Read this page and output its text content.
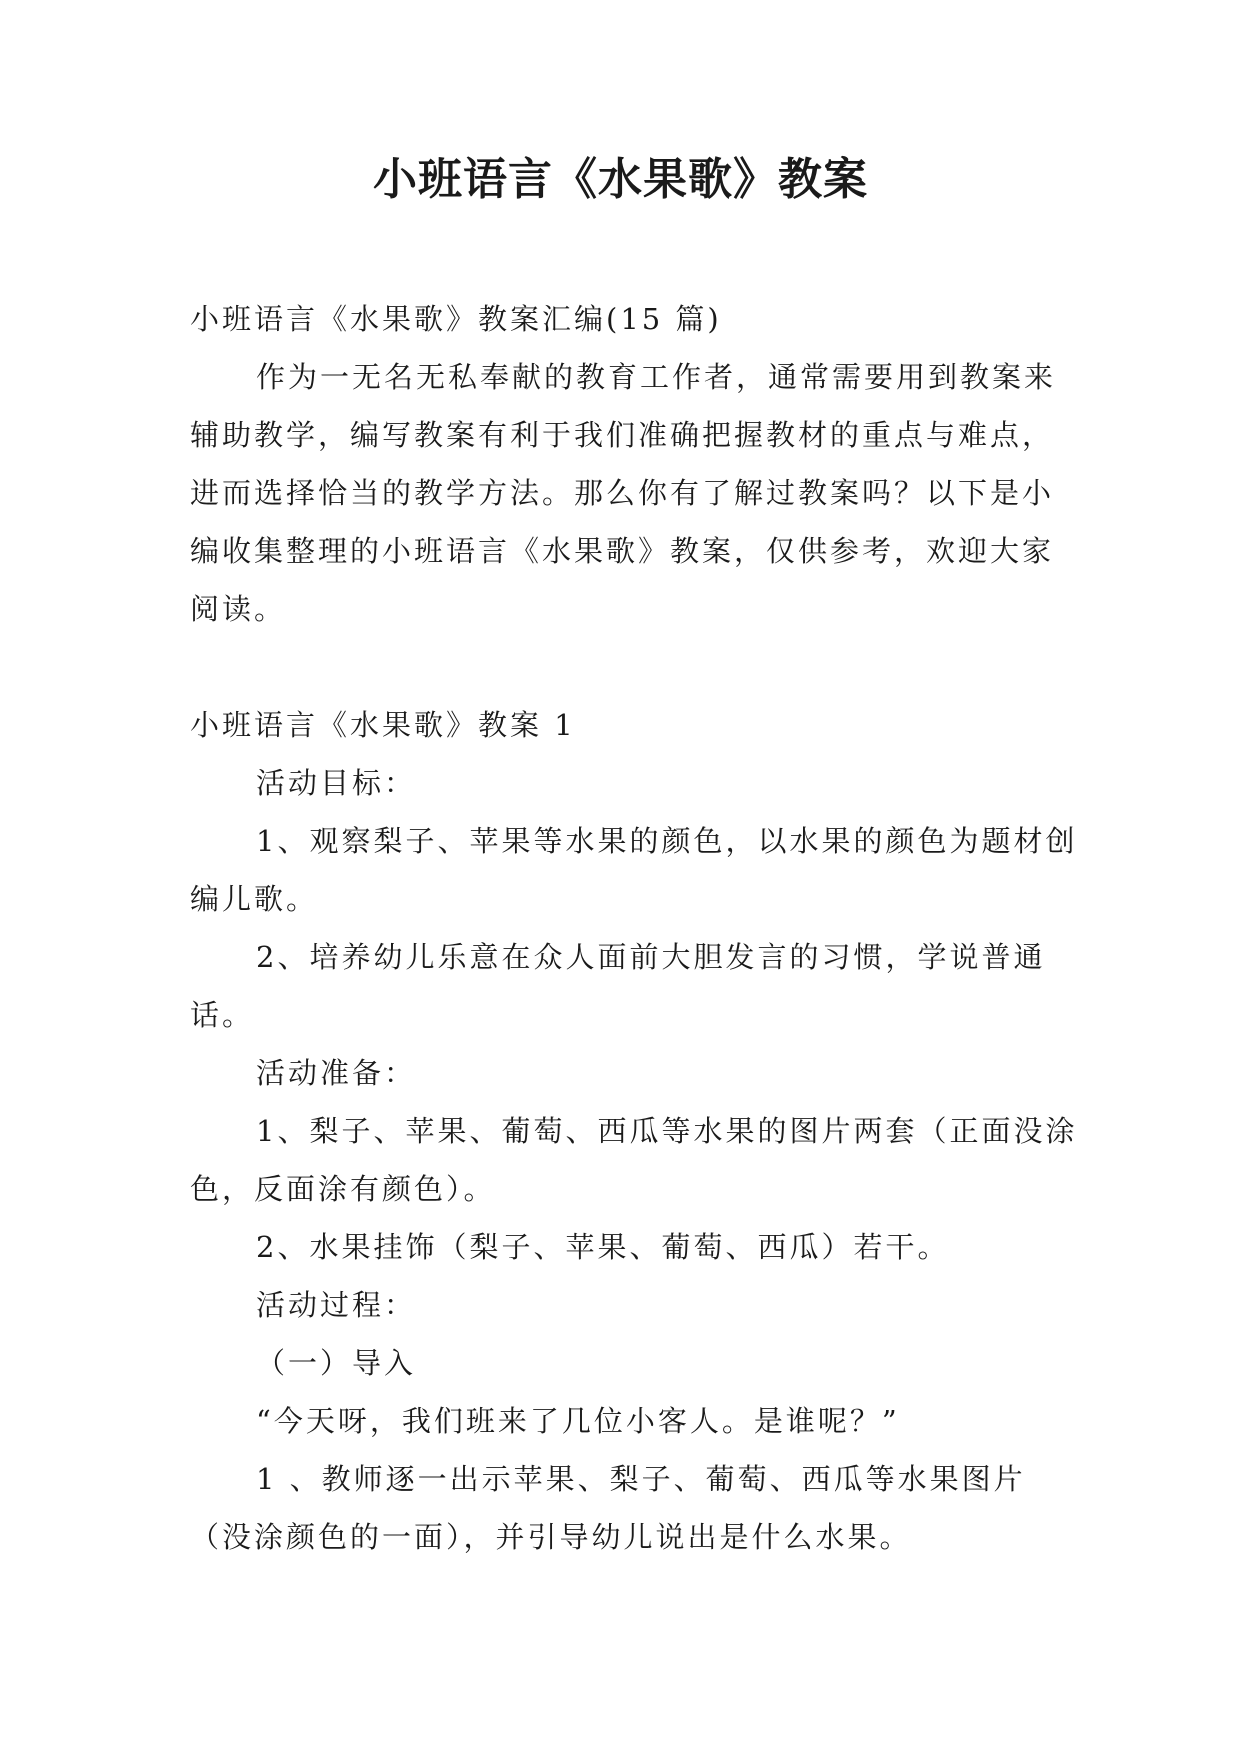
小班语言《水果歌》教案

小班语言《水果歌》教案汇编(15 篇)

作为一无名无私奉献的教育工作者，通常需要用到教案来辅助教学，编写教案有利于我们准确把握教材的重点与难点，进而选择恰当的教学方法。那么你有了解过教案吗？以下是小编收集整理的小班语言《水果歌》教案，仅供参考，欢迎大家阅读。

小班语言《水果歌》教案 1

活动目标：

1、观察梨子、苹果等水果的颜色，以水果的颜色为题材创编儿歌。

2、培养幼儿乐意在众人面前大胆发言的习惯，学说普通话。

活动准备：

1、梨子、苹果、葡萄、西瓜等水果的图片两套（正面没涂色，反面涂有颜色）。

2、水果挂饰（梨子、苹果、葡萄、西瓜）若干。

活动过程：

（一）导入

“今天呀，我们班来了几位小客人。是谁呢？”

1 、教师逐一出示苹果、梨子、葡萄、西瓜等水果图片（没涂颜色的一面），并引导幼儿说出是什么水果。
